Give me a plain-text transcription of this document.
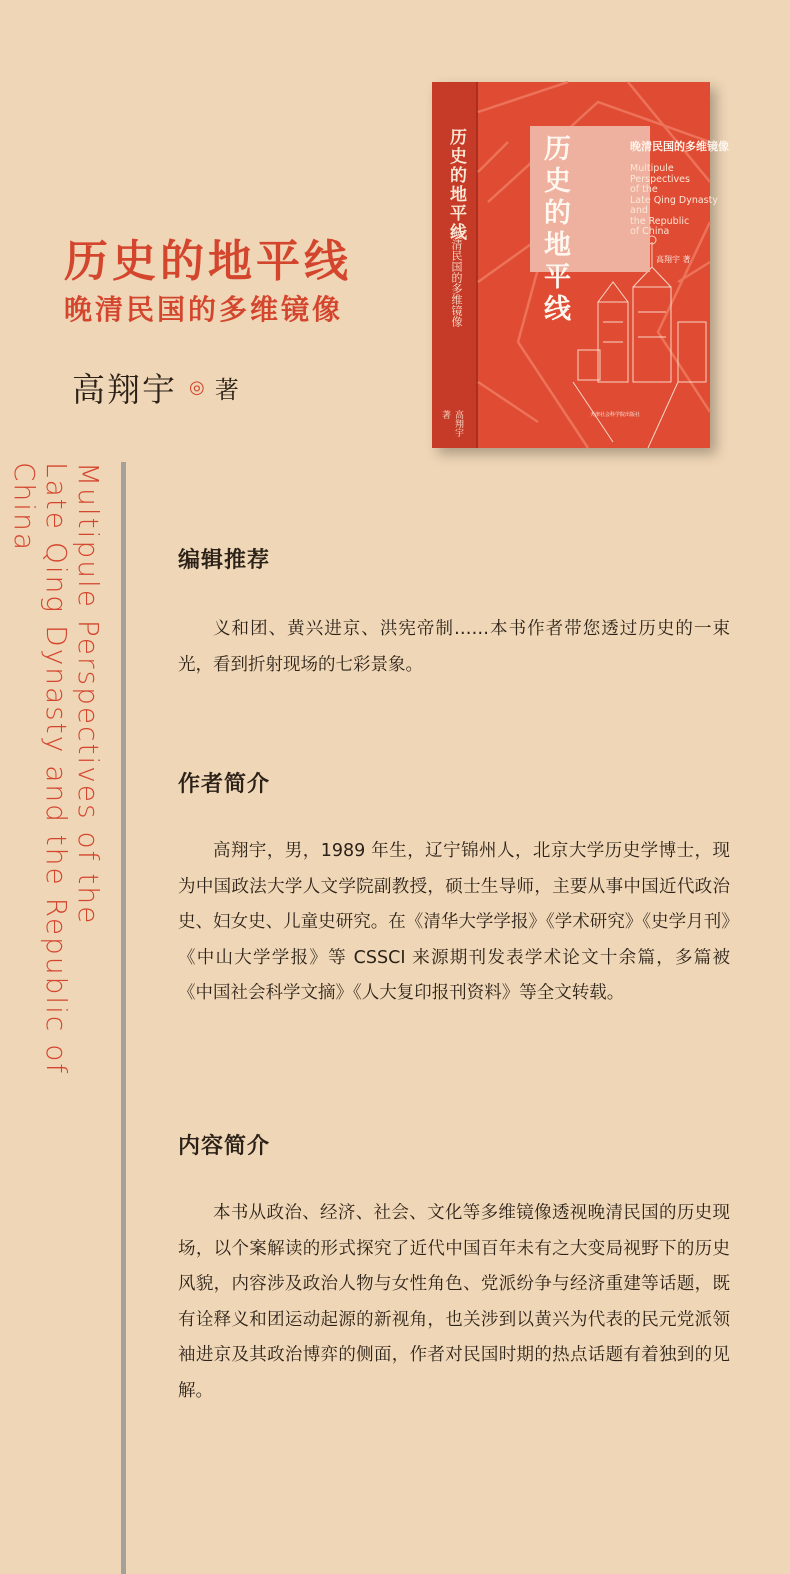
历史的地平线
晚清民国的多维镜像
高翔宇 ◎ 著
历史的地平线
晚清民国的多维镜像
高翔宇 著
历史的地平线	晚清民国的多维镜像
Multipule
Perspectives
of the
Late Qing Dynasty
and
the Republic
of China
高翔宇 著
天津社会科学院出版社
Multipule Perspectives of the
Late Qing Dynasty and the Republic of China
编辑推荐

义和团、黄兴进京、洪宪帝制……本书作者带您透过历史的一束光，看到折射现场的七彩景象。

作者简介

高翔宇，男，1989 年生，辽宁锦州人，北京大学历史学博士，现为中国政法大学人文学院副教授，硕士生导师，主要从事中国近代政治史、妇女史、儿童史研究。在《清华大学学报》《学术研究》《史学月刊》《中山大学学报》等 CSSCI 来源期刊发表学术论文十余篇，多篇被《中国社会科学文摘》《人大复印报刊资料》等全文转载。

内容简介

本书从政治、经济、社会、文化等多维镜像透视晚清民国的历史现场，以个案解读的形式探究了近代中国百年未有之大变局视野下的历史风貌，内容涉及政治人物与女性角色、党派纷争与经济重建等话题，既有诠释义和团运动起源的新视角，也关涉到以黄兴为代表的民元党派领袖进京及其政治博弈的侧面，作者对民国时期的热点话题有着独到的见解。
